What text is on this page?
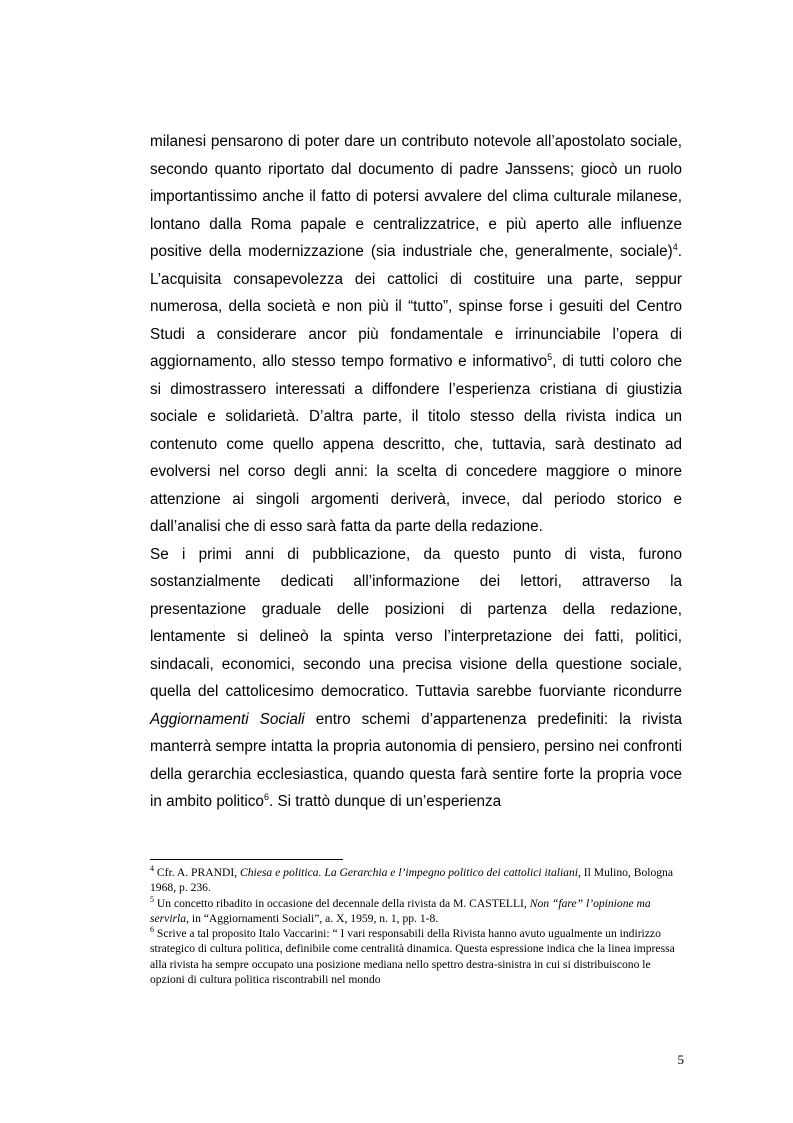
milanesi pensarono di poter dare un contributo notevole all’apostolato sociale, secondo quanto riportato dal documento di padre Janssens; giocò un ruolo importantissimo anche il fatto di potersi avvalere del clima culturale milanese, lontano dalla Roma papale e centralizzatrice, e più aperto alle influenze positive della modernizzazione (sia industriale che, generalmente, sociale)$^4$. L’acquisita consapevolezza dei cattolici di costituire una parte, seppur numerosa, della società e non più il “tutto”, spinse forse i gesuiti del Centro Studi a considerare ancor più fondamentale e irrinunciabile l’opera di aggiornamento, allo stesso tempo formativo e informativo$^5$, di tutti coloro che si dimostrassero interessati a diffondere l’esperienza cristiana di giustizia sociale e solidarietà. D’altra parte, il titolo stesso della rivista indica un contenuto come quello appena descritto, che, tuttavia, sarà destinato ad evolversi nel corso degli anni: la scelta di concedere maggiore o minore attenzione ai singoli argomenti deriverà, invece, dal periodo storico e dall’analisi che di esso sarà fatta da parte della redazione.

Se i primi anni di pubblicazione, da questo punto di vista, furono sostanzialmente dedicati all’informazione dei lettori, attraverso la presentazione graduale delle posizioni di partenza della redazione, lentamente si delineò la spinta verso l’interpretazione dei fatti, politici, sindacali, economici, secondo una precisa visione della questione sociale, quella del cattolicesimo democratico. Tuttavia sarebbe fuorviante ricondurre Aggiornamenti Sociali entro schemi d’appartenenza predefiniti: la rivista manterrà sempre intatta la propria autonomia di pensiero, persino nei confronti della gerarchia ecclesiastica, quando questa farà sentire forte la propria voce in ambito politico$^6$. Si trattò dunque di un’esperienza

$^4$ Cfr. A. PRANDI, Chiesa e politica. La Gerarchia e l’impegno politico dei cattolici italiani, Il Mulino, Bologna 1968, p. 236.

$^5$ Un concetto ribadito in occasione del decennale della rivista da M. CASTELLI, Non “fare” l’opinione ma servirla, in “Aggiornamenti Sociali”, a. X, 1959, n. 1, pp. 1-8.

$^6$ Scrive a tal proposito Italo Vaccarini: “ I vari responsabili della Rivista hanno avuto ugualmente un indirizzo strategico di cultura politica, definibile come centralità dinamica. Questa espressione indica che la linea impressa alla rivista ha sempre occupato una posizione mediana nello spettro destra-sinistra in cui si distribuiscono le opzioni di cultura politica riscontrabili nel mondo

5
